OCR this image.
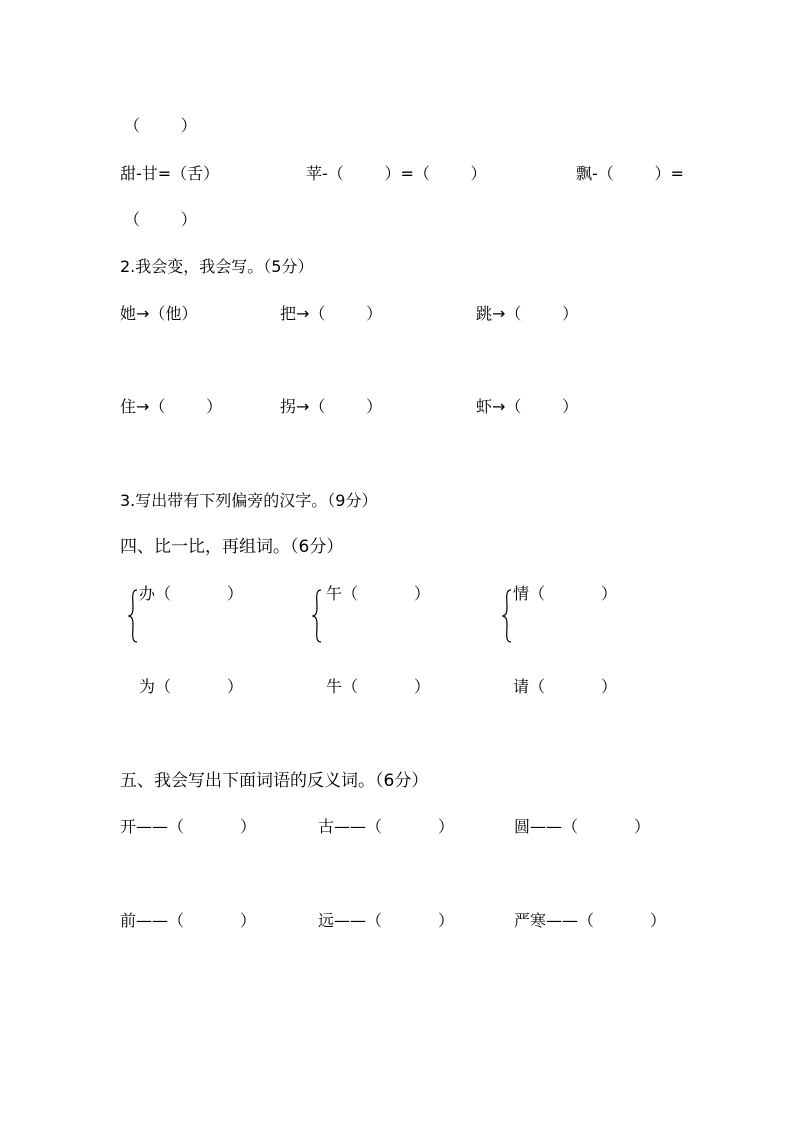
（        ）
甜-甘=（舌）	苹-（        ）=（        ）	飘-（        ）=
（        ）
2.我会变，我会写。（5分）
她→（他）	把→（        ）	跳→（        ）
住→（        ）	拐→（        ）	虾→（        ）
3.写出带有下列偏旁的汉字。（9分）
四、比一比，再组词。（6分）
办（           ）	午（           ）	情（           ）
为（           ）	牛（           ）	请（           ）
五、我会写出下面词语的反义词。（6分）
开——（           ）	古——（           ）	圆——（           ）
前——（           ）	远——（           ）	严寒——（           ）
